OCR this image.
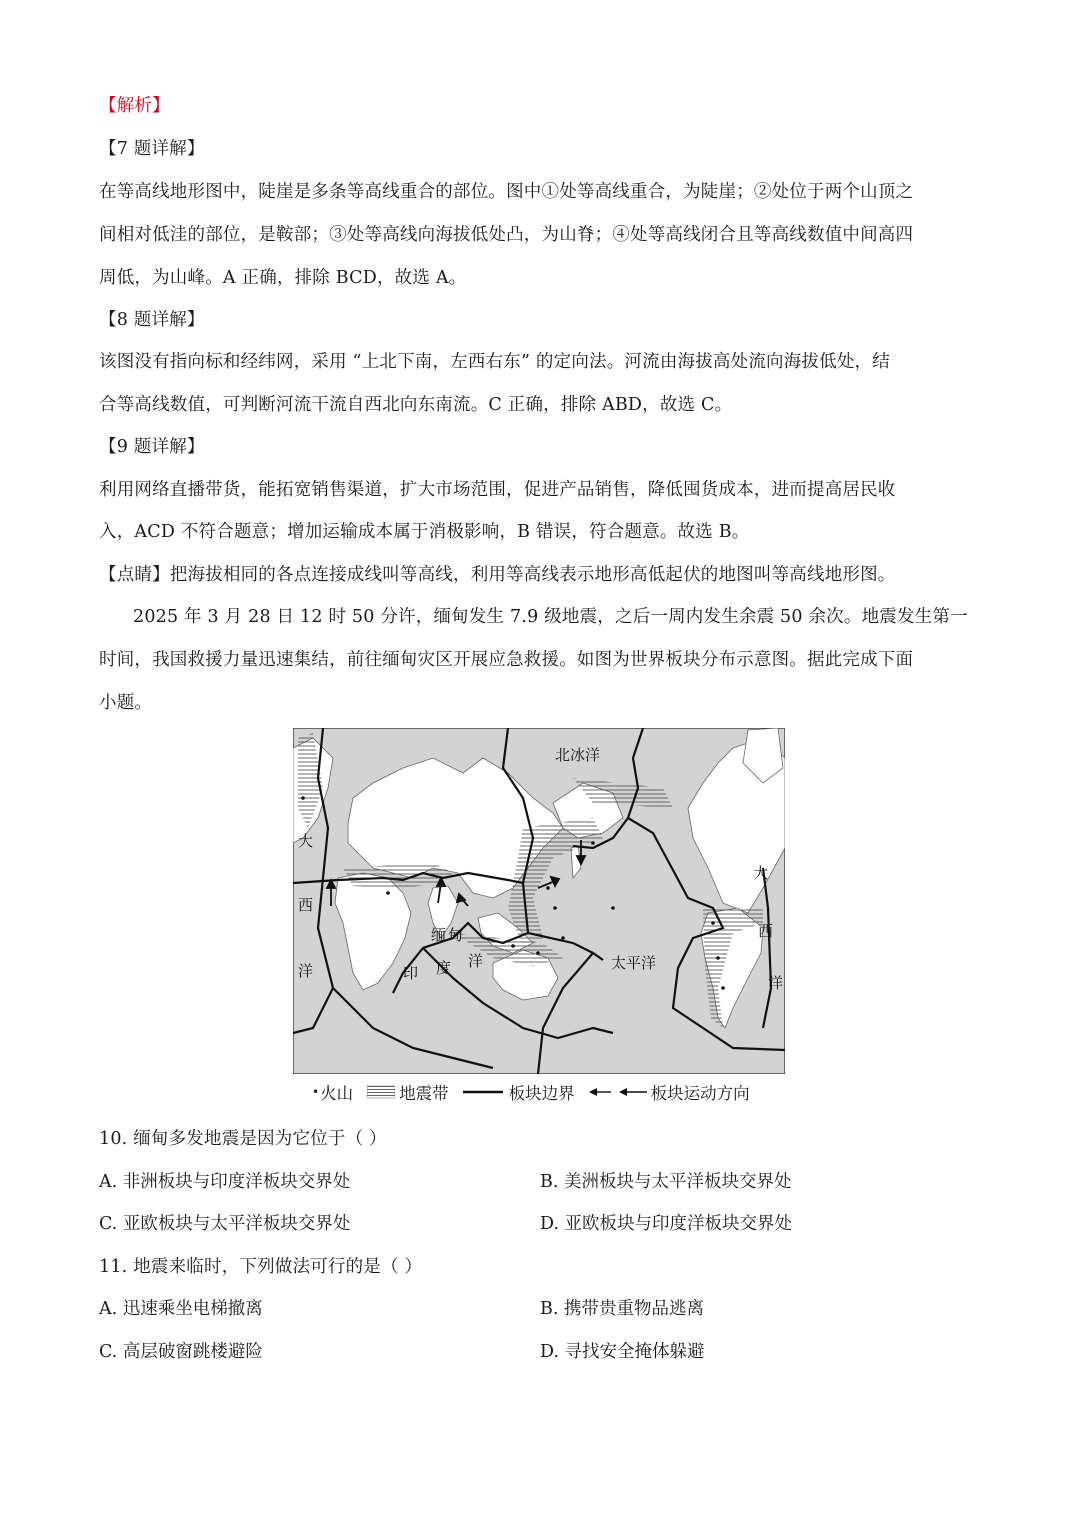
【解析】
【7 题详解】
在等高线地形图中，陡崖是多条等高线重合的部位。图中①处等高线重合，为陡崖；②处位于两个山顶之
间相对低洼的部位，是鞍部；③处等高线向海拔低处凸，为山脊；④处等高线闭合且等高线数值中间高四
周低，为山峰。A 正确，排除 BCD，故选 A。
【8 题详解】
该图没有指向标和经纬网，采用 “上北下南，左西右东” 的定向法。河流由海拔高处流向海拔低处，结
合等高线数值，可判断河流干流自西北向东南流。C 正确，排除 ABD，故选 C。
【9 题详解】
利用网络直播带货，能拓宽销售渠道，扩大市场范围，促进产品销售，降低囤货成本，进而提高居民收
入，ACD 不符合题意；增加运输成本属于消极影响，B 错误，符合题意。故选 B。
【点睛】把海拔相同的各点连接成线叫等高线，利用等高线表示地形高低起伏的地图叫等高线地形图。
2025 年 3 月 28 日 12 时 50 分许，缅甸发生 7.9 级地震，之后一周内发生余震 50 余次。地震发生第一
时间，我国救援力量迅速集结，前往缅甸灾区开展应急救援。如图为世界板块分布示意图。据此完成下面
小题。
北冰洋
大
西
洋
大
西
洋
缅 甸
印 度 洋	太平洋
• 火山	地震带	板块边界	板块运动方向
10. 缅甸多发地震是因为它位于（ ）
A. 非洲板块与印度洋板块交界处	B. 美洲板块与太平洋板块交界处
C. 亚欧板块与太平洋板块交界处	D. 亚欧板块与印度洋板块交界处
11. 地震来临时，下列做法可行的是（ ）
A. 迅速乘坐电梯撤离	B. 携带贵重物品逃离
C. 高层破窗跳楼避险	D. 寻找安全掩体躲避
